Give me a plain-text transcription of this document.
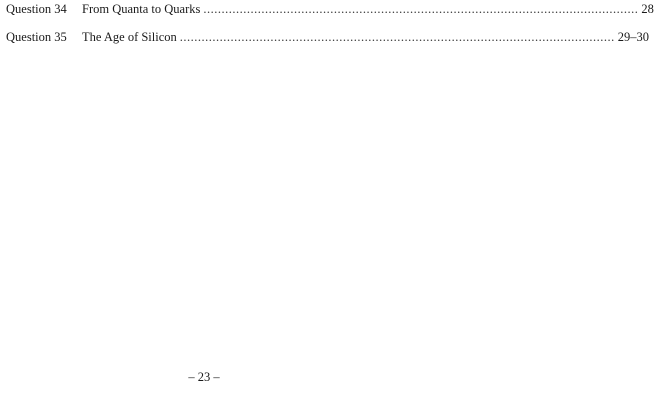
Question 34	From Quanta to Quarks ........................................................................................................................ 28
Question 35	The Age of Silicon ........................................................................................................................ 29–30
– 23 –
